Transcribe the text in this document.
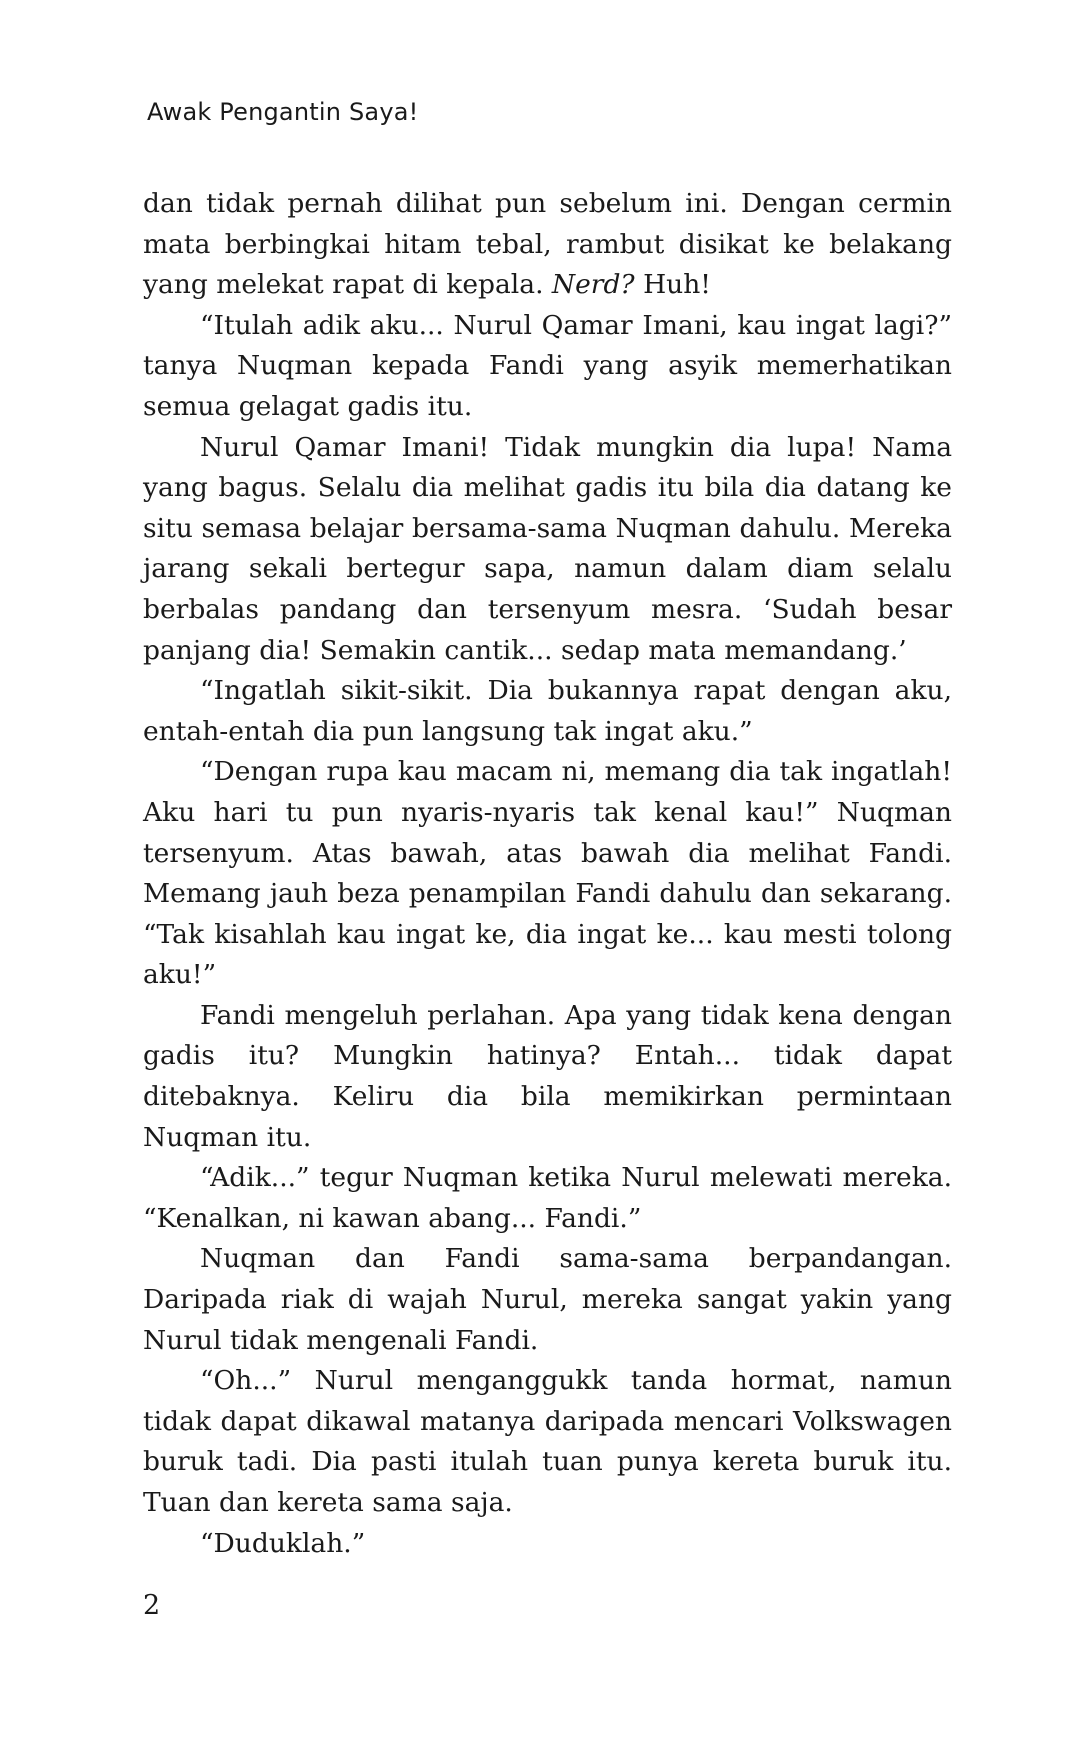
Awak Pengantin Saya!

dan tidak pernah dilihat pun sebelum ini. Dengan cermin mata berbingkai hitam tebal, rambut disikat ke belakang yang melekat rapat di kepala. Nerd? Huh!

“Itulah adik aku... Nurul Qamar Imani, kau ingat lagi?” tanya Nuqman kepada Fandi yang asyik memerhatikan semua gelagat gadis itu.

Nurul Qamar Imani! Tidak mungkin dia lupa! Nama yang bagus. Selalu dia melihat gadis itu bila dia datang ke situ semasa belajar bersama-sama Nuqman dahulu. Mereka jarang sekali bertegur sapa, namun dalam diam selalu berbalas pandang dan tersenyum mesra. ‘Sudah besar panjang dia! Semakin cantik... sedap mata memandang.’

“Ingatlah sikit-sikit. Dia bukannya rapat dengan aku, entah-entah dia pun langsung tak ingat aku.”

“Dengan rupa kau macam ni, memang dia tak ingatlah! Aku hari tu pun nyaris-nyaris tak kenal kau!” Nuqman tersenyum. Atas bawah, atas bawah dia melihat Fandi. Memang jauh beza penampilan Fandi dahulu dan sekarang. “Tak kisahlah kau ingat ke, dia ingat ke... kau mesti tolong aku!”

Fandi mengeluh perlahan. Apa yang tidak kena dengan gadis itu? Mungkin hatinya? Entah... tidak dapat ditebaknya. Keliru dia bila memikirkan permintaan Nuqman itu.

“Adik...” tegur Nuqman ketika Nurul melewati mereka. “Kenalkan, ni kawan abang... Fandi.”

Nuqman dan Fandi sama-sama berpandangan. Daripada riak di wajah Nurul, mereka sangat yakin yang Nurul tidak mengenali Fandi.

“Oh...” Nurul menganggukk tanda hormat, namun tidak dapat dikawal matanya daripada mencari Volkswagen buruk tadi. Dia pasti itulah tuan punya kereta buruk itu. Tuan dan kereta sama saja.

“Duduklah.”

2
